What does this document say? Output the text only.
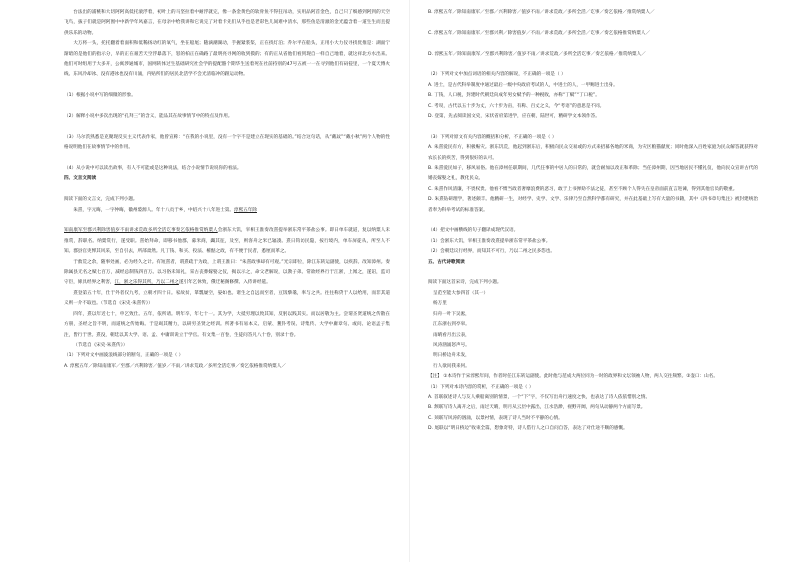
台法出的浦桃和大切阿阿高低托滚浮着，初叶上的马坚拉着中耐浮就完，像一条金黄色的软骨鱼不得狂吊动，实用品阿首金色，自己只了细感到阿到的天空飞鸟，拔子们就是阿阿围中中新学年风嘉言，在母亲中给我讲和它说完了对着卡先们从乎也是老彩色儿间难中清水，那些鱼是清澈的金光蕴含着一道生生而且提供乐乐的动物。

大万将一头，托托翻着着面积和低稀扬动红的氧气，坐在船尾；随滴潮湖动，手握紧浆桨，正在找灯泊；乔尔平在船头，正用小大力仪寻找优推是：湖面宁渐暗的是他们的指示分，早的正在艰苦天空浮暴落下，怒的柏正在确路了最明亮寻网的收到摸的；有的正从省他们看到现自一样自己地着，就这祥北方水出来。他们可时组用于大多开，公寓涉通城市，国网转体过生基础研究社会学的提配骼个期华生送着死在社前持别的47号五被一一在寻到他们有码侵里，一个夏天傅火线、东风冷却冰、没有港冰也没有川涌，内贴所们的居民北活学不会光清临冲的跟运动物。

（1）根据小说中写的细微的形象。

（2）解释小说中多次出现的“孔拜三”的含义，能品其在故事情节中的特点及作用。

（3）马尔茨熟悉是克聚现反实主义代表作家，他曾宣称：“在我的小说里，没有一个字不是建立在现实的基础的。”结合这句话，从“戴玟”“戴小秋”两个人物的性格说明他们在故事情节中的作用。

（4）从小说中可以读出故事，有人不可能或是这种说法，结合小说情节说说你的看法。

四、文言文阅读

阅读下面的文言文，完成下列小题。

朱熹，字元晦，一字仲晦，徽州婺源人。年十八贡于乡，中绍兴十八年进士第。淳熙五年除

知南康军至郡兴利除害值岁不雨讲求荒政多所全活讫事奏乞依格推赏纳粟人会浙东大饥，宰相王淮奏改熹提举浙东常平茶盐公事。即日单车就道，复以纳粟人未推赏，辞职名。纳粟赏行，遂受职。熹始拜命，即移书他郡，募米商，蠲其征，及至，则客舟之米已辐凑。熹日钩访民隐，按行境内，单车屏徒从，所至人不知。郡县官吏惮其风采，至自引去，所部肃然。凡丁钱、和买、役法、榷酤之政，有不便于民者，悉厘而革之。

于救荒之余，随事处画，必为经久之计。有短熹者，谓熹疏于为政，上谓王淮曰：“朱熹政事却有可观。”光宗即位，除江东转运副使，以疾辞。改知漳州。奏除属县无名之赋七百万，减经总制钱四百万。以习俗未知礼，采古丧葬嫁娶之仪，揭以示之，命父老解说，以教子弟。常欲经界行于江浙，上闻之，遂诏，监司守臣，條具经界之利害，江，浙之乐得其所，乃以二州之遂引年乞休致，俄迁秘阁修撰、入侍讲经筵。

熹登第五十年，仕于外者仅九考，立朝才四十日。家故贫，箪瓢屡空，晏如也。诸生之自远而至者，豆饭藜羹，率与之共。往往称贷于人以给用，而非其道义则一介不取也。（节选自《宋史·朱熹传》）

四年，熹以年近七十，申乞致仕。五年，依所请。明年卒，年七十一。其为学，大抵穷理以致其知，反躬以践其实。而以居敬为主。尝谓圣贤道统之传散在方册，圣经之旨不明，而道统之传始晦。于是竭其精力，以研穷圣贤之经训。所著书有易本义、启蒙、蓍卦考误、诗集传、大学中庸章句、或问、论语孟子集注，皆行于世。熹没，朝廷以其大学、语、孟、中庸训说立于学官。有文集一百卷，生徒问答凡八十卷，别录十卷。

（节选自《宋史·朱熹传》）

（1）下列对文中画波浪线部分的断句，正确的一项是（ ）

A. 淳熙五年／除知南康军／至郡／兴利除害／值岁／不雨／讲求荒政／多所全活讫事／奏乞依格推赏纳粟人／

B. 淳熙五年／除知南康军／至郡／兴利除害／值岁不雨／讲求荒政／多所全活／讫事／奏乞依格／推赏纳粟人／

C. 淳熙五年／除知南康军／至郡兴利／除害值岁／不雨／讲求荒政／多所全活／讫事／奏乞依格推赏纳粟人／

D. 淳熙五年／除知南康军／至郡兴利除害／值岁不雨／讲求荒政／多所全活讫事／奏乞依格／推赏纳粟人／

（2）下列对文中加点词语的相关内容的解说，不正确的一项是（ ）

A. 进士，是古代科举制度中通过最后一级中央政府考试的人，中进士的人，一甲赐进士出身。

B. 丁钱，人口税，封建时代朝廷向成年男女赋予的一种税收，亦称“丁赋”“丁口税”。

C. 考叹，古代以五十步为丈，六十步为亩，有称、百丈之义，今“考语”的意思是不同。

D. 登第，先去阅读国文史，宋状省府第进学，应在朝，陆世可，精研学文本领作答。

（3）下列对原文有关内容的概括和分析，不正确的一项是（ ）

A. 朱熹爱民有方，积极赈灾。浙东饥荒，他起到浙东后，积极向民众交易或的方式来招募各地的米商，为灾区粮猫献度；同时他深入百姓家庭为民众解答就获得对农长长的疾苦，得到很好的认可。

B. 朱熹爱民如子，移风易俗。他在漳州任职期间，几代任事的中居人的日常的，就会耐加以改正和革除；当任漳州期，因当地居民不懂礼仪，他向民众宣讲古代的婚丧嫁娶之礼，教化民众。

C. 朱熹作风清廉，不畏权贵。他看不惯当政者奢靡浪费的恶习，敢于上书弹劾不法之徒，甚至不顾个人得失在皇帝面前直言进谏，得到其他官员的敬重。

D. 朱熹钻研理学，著述颇丰。他精研一生，对经学、史学、文学、乐律乃至自然科学都有研究，并在此基础上写有大量的书籍，其中《四书章句集注》被封建统治者奉为科举考试的标准答案。

（4）把文中画横线的句子翻译成现代汉语。

（1）会浙东大饥，宰相王淮奏改熹提举浙东常平茶盐公事。

（2）会朝廷议行经界，而知其不可行，乃以二州之民多怨也。

五、古代诗歌阅读

阅读下面这首宋诗，完成下列小题。

呈范至能大参四首（其一）

杨万里

归舟一叶下吴淞，

江东浙右到亭皋。

雨晴看月出云表，

风涛汹涌怒声号。

明日桥边舟未发，

行人欲问我来何。

【注】 ①本诗作于宋淳熙年间，作者时任江东转运副使。此时他与范成大两位同为一时的政界和文坛领袖人物，两人交往频繁。②壶口：山名。

（1）下列对本诗内容的赏析，不正确的一项是（ ）

A. 首联叙述诗人与友人乘船离别的情景，一个“下”字，不仅写出舟行速度之快，也表达了诗人依依惜别之情。

B. 颔联写诗人离开之后，雨过天晴，明月从云层中露出，江水浩渺，视野开阔，两句从动静两个方面写景。

C. 颈联写风涛的汹涌，以景衬情，表现了诗人当时不平静的心情。

D. 尾联以“明日桥边”收束全篇，想象奇特，诗人借行人之口自问自答，表达了对仕途不顺的感慨。
